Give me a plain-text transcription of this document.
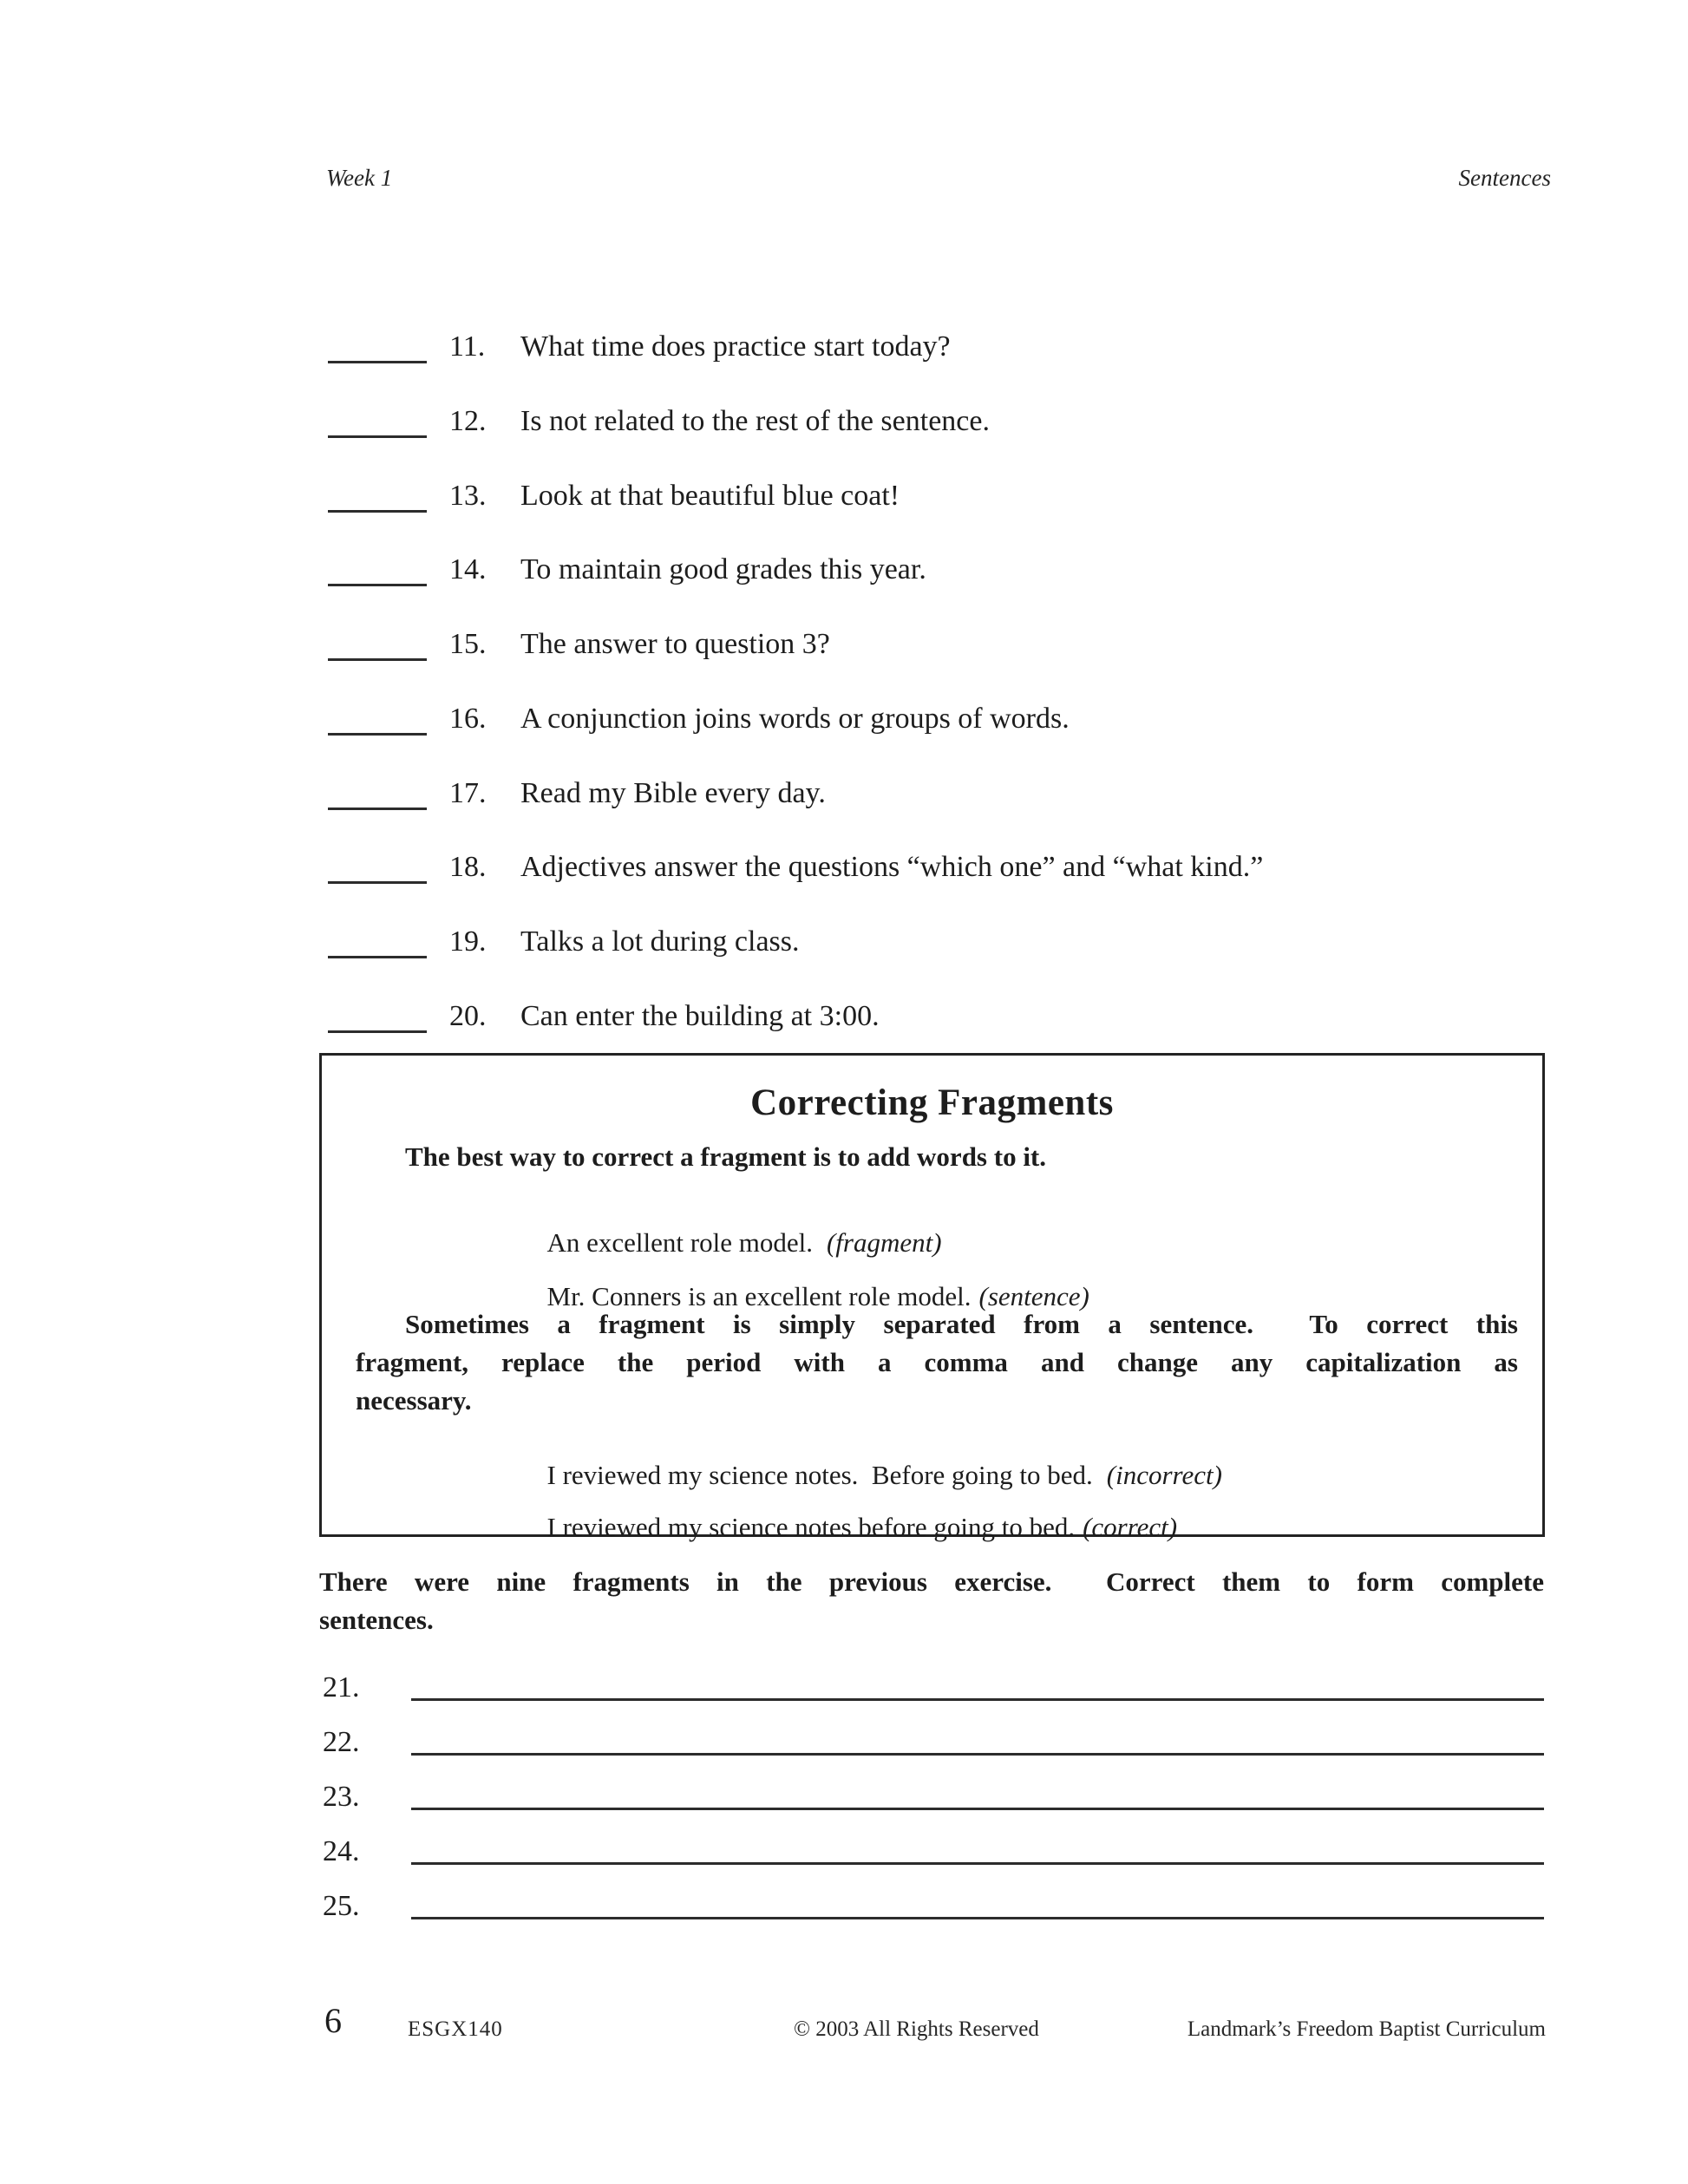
Week 1	Sentences
11. What time does practice start today?
12. Is not related to the rest of the sentence.
13. Look at that beautiful blue coat!
14. To maintain good grades this year.
15. The answer to question 3?
16. A conjunction joins words or groups of words.
17. Read my Bible every day.
18. Adjectives answer the questions “which one” and “what kind.”
19. Talks a lot during class.
20. Can enter the building at 3:00.
Correcting Fragments
The best way to correct a fragment is to add words to it.

An excellent role model. (fragment)

Mr. Conners is an excellent role model. (sentence)

Sometimes a fragment is simply separated from a sentence.  To correct this
fragment, replace the period with a comma and change any capitalization as
necessary.

I reviewed my science notes.  Before going to bed. (incorrect)

I reviewed my science notes before going to bed. (correct)

There were nine fragments in the previous exercise.  Correct them to form complete
sentences.
21.
22.
23.
24.
25.
6	ESGX140	© 2003 All Rights Reserved	Landmark’s Freedom Baptist Curriculum
